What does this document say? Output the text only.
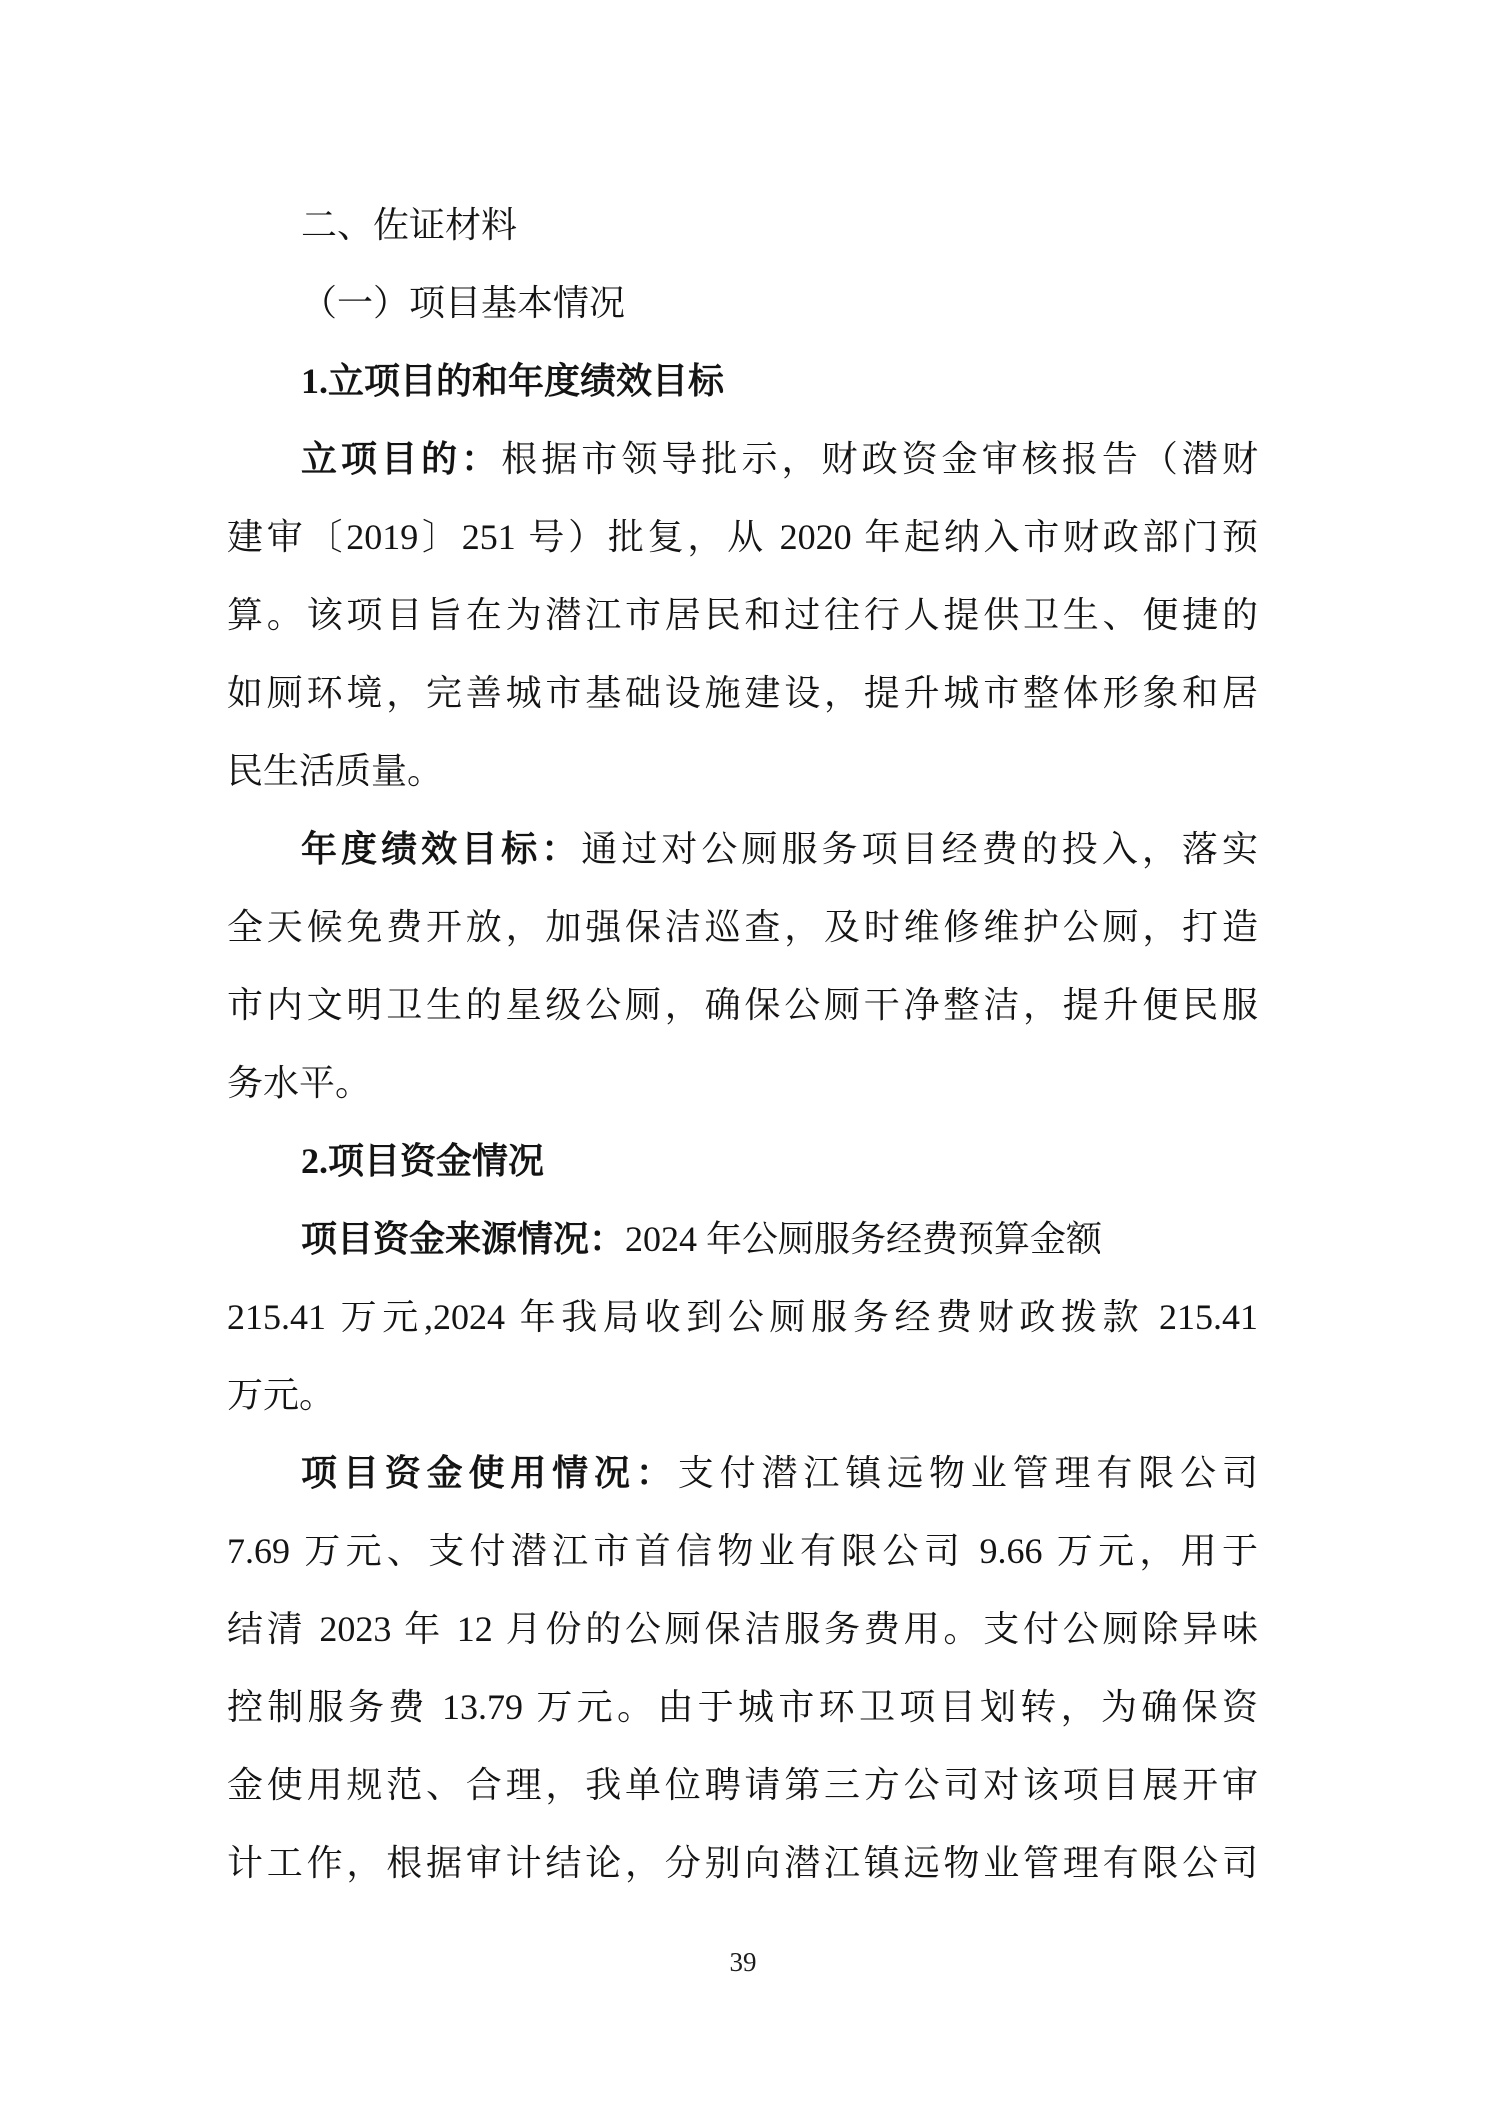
二、佐证材料

（一）项目基本情况

1.立项目的和年度绩效目标

立项目的：根据市领导批示，财政资金审核报告（潜财

建审〔2019〕251 号）批复，从 2020 年起纳入市财政部门预

算。该项目旨在为潜江市居民和过往行人提供卫生、便捷的

如厕环境，完善城市基础设施建设，提升城市整体形象和居

民生活质量。

年度绩效目标：通过对公厕服务项目经费的投入，落实

全天候免费开放，加强保洁巡查，及时维修维护公厕，打造

市内文明卫生的星级公厕，确保公厕干净整洁，提升便民服

务水平。

2.项目资金情况

项目资金来源情况：2024 年公厕服务经费预算金额

215.41 万元,2024 年我局收到公厕服务经费财政拨款 215.41

万元。

项目资金使用情况：支付潜江镇远物业管理有限公司

7.69 万元、支付潜江市首信物业有限公司 9.66 万元，用于

结清 2023 年 12 月份的公厕保洁服务费用。支付公厕除异味

控制服务费 13.79 万元。由于城市环卫项目划转，为确保资

金使用规范、合理，我单位聘请第三方公司对该项目展开审

计工作，根据审计结论，分别向潜江镇远物业管理有限公司

39
